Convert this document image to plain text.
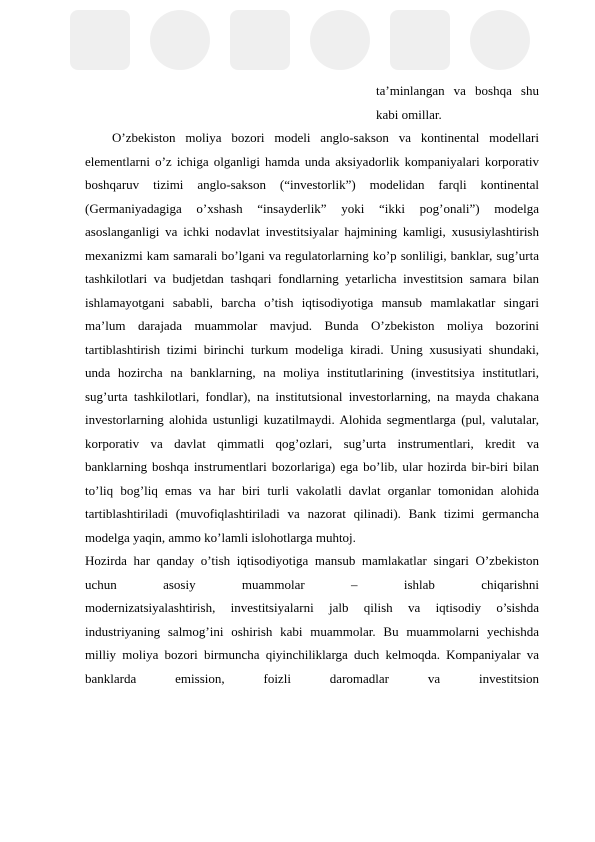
ta’minlangan va boshqa shu kabi omillar.

O’zbekiston moliya bozori modeli anglo-sakson va kontinental modellari elementlarni o’z ichiga olganligi hamda unda aksiyadorlik kompaniyalari korporativ boshqaruv tizimi anglo-sakson (“investorlik”) modelidan farqli kontinental (Germaniyadagiga o’xshash “insayderlik” yoki “ikki pog’onali”) modelga asoslanganligi va ichki nodavlat investitsiyalar hajmining kamligi, xususiylashtirish mexanizmi kam samarali bo’lgani va regulatorlarning ko’p sonliligi, banklar, sug’urta tashkilotlari va budjetdan tashqari fondlarning yetarlicha investitsion samara bilan ishlamayotgani sababli, barcha o’tish iqtisodiyotiga mansub mamlakatlar singari ma’lum darajada muammolar mavjud. Bunda O’zbekiston moliya bozorini tartiblashtirish tizimi birinchi turkum modeliga kiradi. Uning xususiyati shundaki, unda hozircha na banklarning, na moliya institutlarining (investitsiya institutlari, sug’urta tashkilotlari, fondlar), na institutsional investorlarning, na mayda chakana investorlarning alohida ustunligi kuzatilmaydi. Alohida segmentlarga (pul, valutalar, korporativ va davlat qimmatli qog’ozlari, sug’urta instrumentlari, kredit va banklarning boshqa instrumentlari bozorlariga) ega bo’lib, ular hozirda bir-biri bilan to’liq bog’liq emas va har biri turli vakolatli davlat organlar tomonidan alohida tartiblashtiriladi (muvofiqlashtiriladi va nazorat qilinadi). Bank tizimi germancha modelga yaqin, ammo ko’lamli islohotlarga muhtoj.

Hozirda har qanday o’tish iqtisodiyotiga mansub mamlakatlar singari O’zbekiston uchun asosiy muammolar – ishlab chiqarishni

modernizatsiyalashtirish, investitsiyalarni jalb qilish va iqtisodiy o’sishda industriyaning salmog’ini oshirish kabi muammolar. Bu muammolarni yechishda milliy moliya bozori birmuncha qiyinchiliklarga duch kelmoqda. Kompaniyalar va banklarda emission, foizli daromadlar va investitsion
